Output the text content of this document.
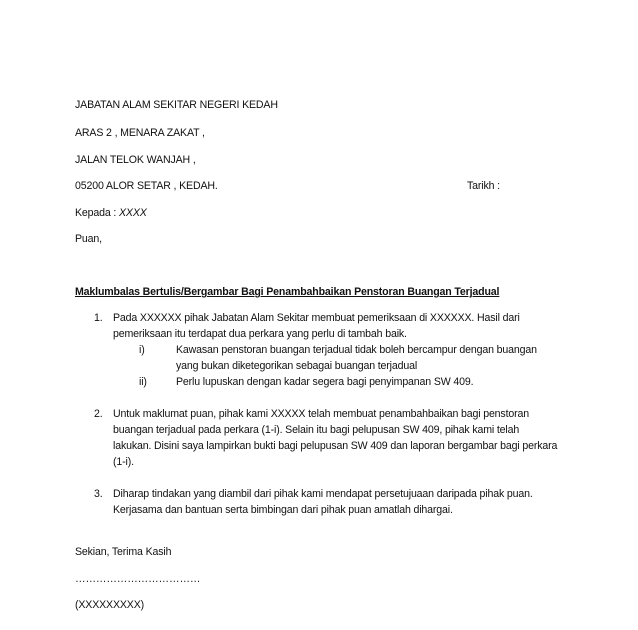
JABATAN ALAM SEKITAR NEGERI KEDAH
ARAS 2 , MENARA ZAKAT ,
JALAN TELOK WANJAH ,
05200 ALOR SETAR , KEDAH.	Tarikh :
Kepada : XXXX
Puan,
Maklumbalas Bertulis/Bergambar Bagi Penambahbaikan Penstoran Buangan Terjadual
1. Pada XXXXXX pihak Jabatan Alam Sekitar membuat pemeriksaan di XXXXXX. Hasil dari
pemeriksaan itu terdapat dua perkara yang perlu di tambah baik.
i)	Kawasan penstoran buangan terjadual tidak boleh bercampur dengan buangan
yang bukan diketegorikan sebagai buangan terjadual
ii)	Perlu lupuskan dengan kadar segera bagi penyimpanan SW 409.
2. Untuk maklumat puan, pihak kami XXXXX telah membuat penambahbaikan bagi penstoran
buangan terjadual pada perkara (1-i). Selain itu bagi pelupusan SW 409, pihak kami telah
lakukan. Disini saya lampirkan bukti bagi pelupusan SW 409 dan laporan bergambar bagi perkara
(1-i).
3. Diharap tindakan yang diambil dari pihak kami mendapat persetujuaan daripada pihak puan.
Kerjasama dan bantuan serta bimbingan dari pihak puan amatlah dihargai.
Sekian, Terima Kasih
………………………………
(XXXXXXXXX)
